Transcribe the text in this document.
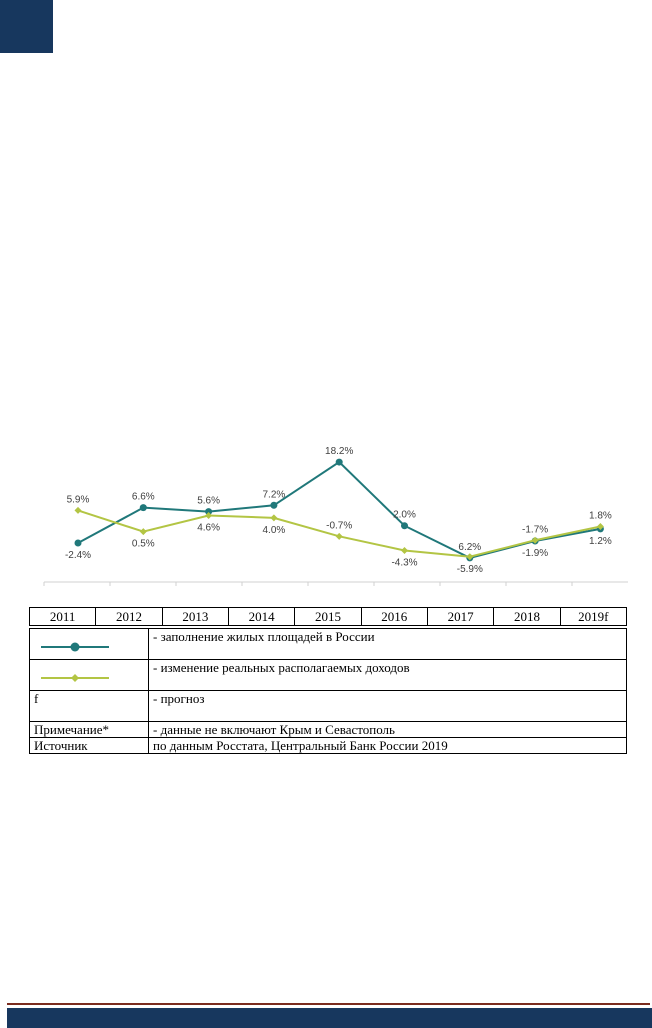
-2.4%
6.6%	5.6%
7.2%
18.2%
2.0%
6.2%
-1.9%
1.2%
5.9%
0.5%
4.6%	4.0%	-0.7%
-4.3%
-5.9%
-1.7%
1.8%
2011	2012	2013	2014	2015	2016	2017	2018	2019f
	- заполнение жилых площадей в России

	- изменение реальных располагаемых доходов
f	- прогноз
Примечание*	- данные не включают Крым и Севастополь
Источник	по данным Росстата, Центральный Банк России 2019
